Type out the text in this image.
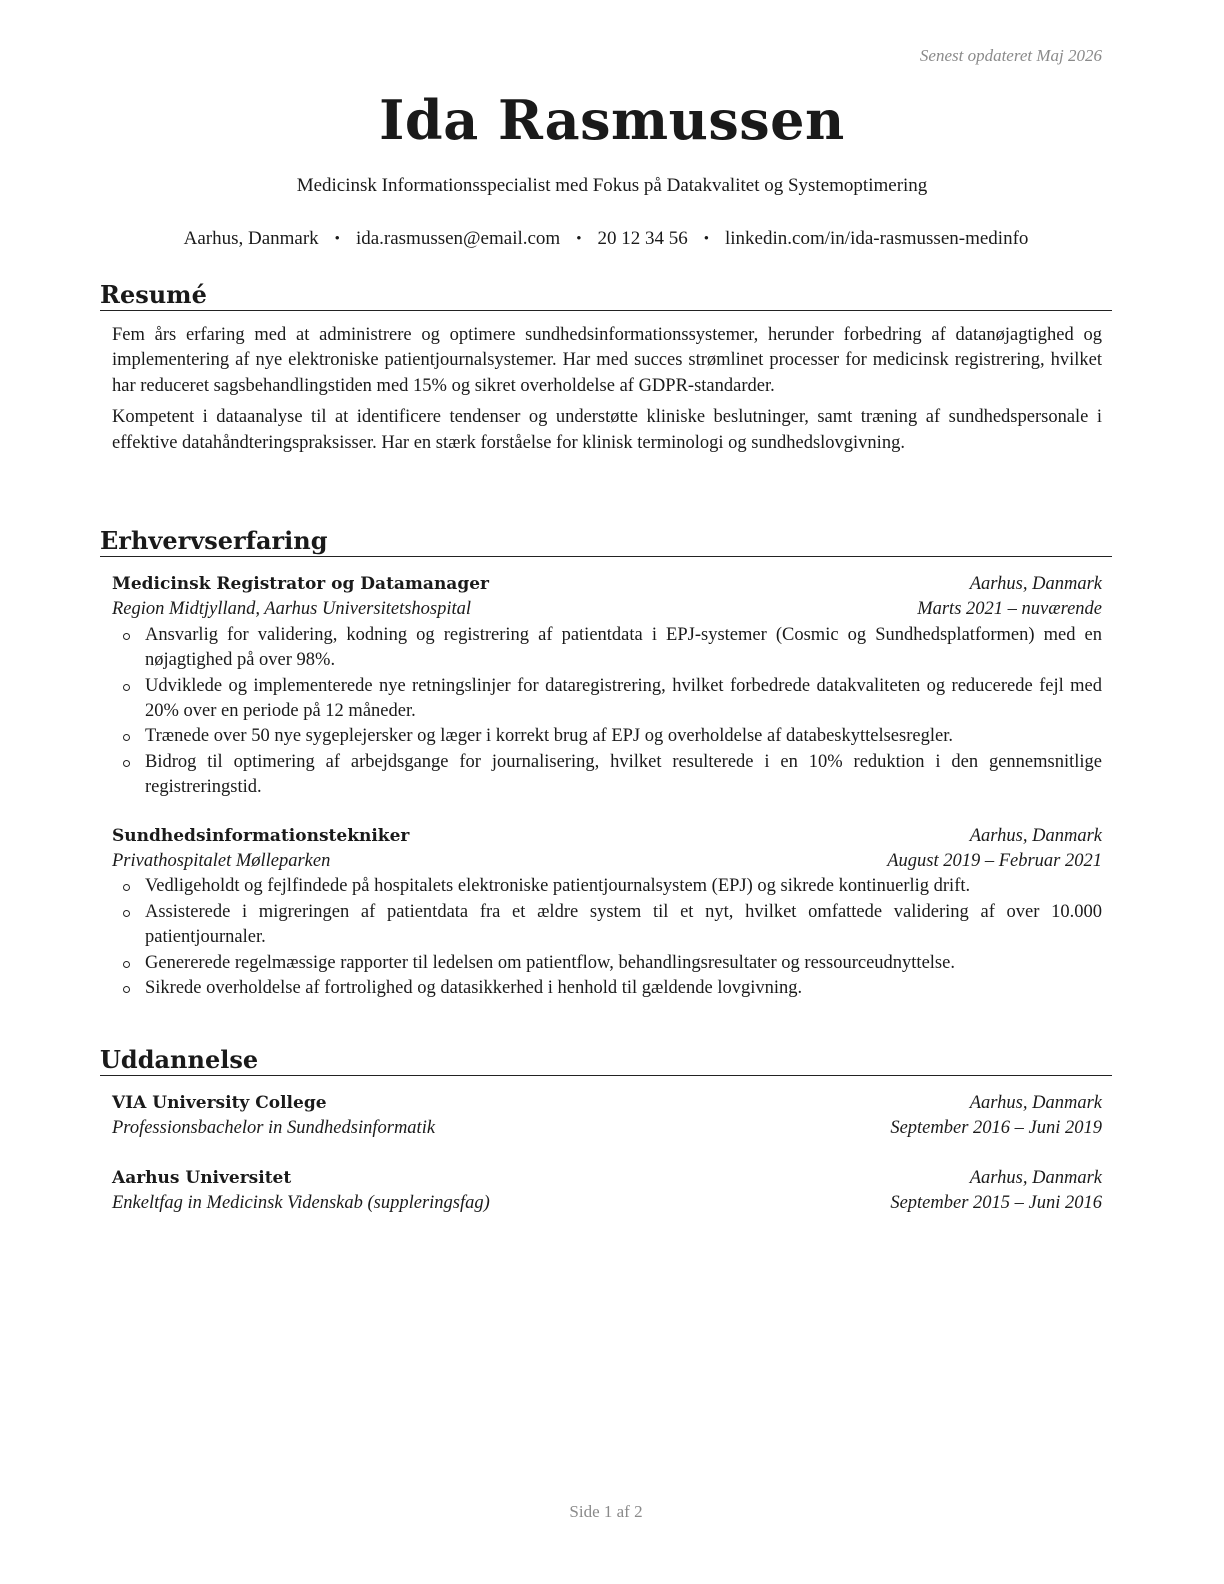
Senest opdateret Maj 2026
Ida Rasmussen
Medicinsk Informationsspecialist med Fokus på Datakvalitet og Systemoptimering
Aarhus, Danmark • ida.rasmussen@email.com • 20 12 34 56 • linkedin.com/in/ida-rasmussen-medinfo
Resumé
Fem års erfaring med at administrere og optimere sundhedsinformationssystemer, herunder forbedring af datanøjagtighed og implementering af nye elektroniske patientjournalsystemer. Har med succes strømlinet processer for medicinsk registrering, hvilket har reduceret sagsbehandlingstiden med 15% og sikret overholdelse af GDPR-standarder.
Kompetent i dataanalyse til at identificere tendenser og understøtte kliniske beslutninger, samt træning af sundhedspersonale i effektive datahåndteringspraksisser. Har en stærk forståelse for klinisk terminologi og sundhedslovgivning.
Erhvervserfaring
Medicinsk Registrator og Datamanager	Aarhus, Danmark
Region Midtjylland, Aarhus Universitetshospital	Marts 2021 – nuværende
Ansvarlig for validering, kodning og registrering af patientdata i EPJ-systemer (Cosmic og Sundhedsplatformen) med en nøjagtighed på over 98%.
Udviklede og implementerede nye retningslinjer for dataregistrering, hvilket forbedrede datakvaliteten og reducerede fejl med 20% over en periode på 12 måneder.
Trænede over 50 nye sygeplejersker og læger i korrekt brug af EPJ og overholdelse af databeskyttelsesregler.
Bidrog til optimering af arbejdsgange for journalisering, hvilket resulterede i en 10% reduktion i den gennemsnitlige registreringstid.
Sundhedsinformationstekniker	Aarhus, Danmark
Privathospitalet Mølleparken	August 2019 – Februar 2021
Vedligeholdt og fejlfindede på hospitalets elektroniske patientjournalsystem (EPJ) og sikrede kontinuerlig drift.
Assisterede i migreringen af patientdata fra et ældre system til et nyt, hvilket omfattede validering af over 10.000 patientjournaler.
Genererede regelmæssige rapporter til ledelsen om patientflow, behandlingsresultater og ressourceudnyttelse.
Sikrede overholdelse af fortrolighed og datasikkerhed i henhold til gældende lovgivning.
Uddannelse
VIA University College	Aarhus, Danmark
Professionsbachelor in Sundhedsinformatik	September 2016 – Juni 2019
Aarhus Universitet	Aarhus, Danmark
Enkeltfag in Medicinsk Videnskab (suppleringsfag)	September 2015 – Juni 2016
Side 1 af 2
